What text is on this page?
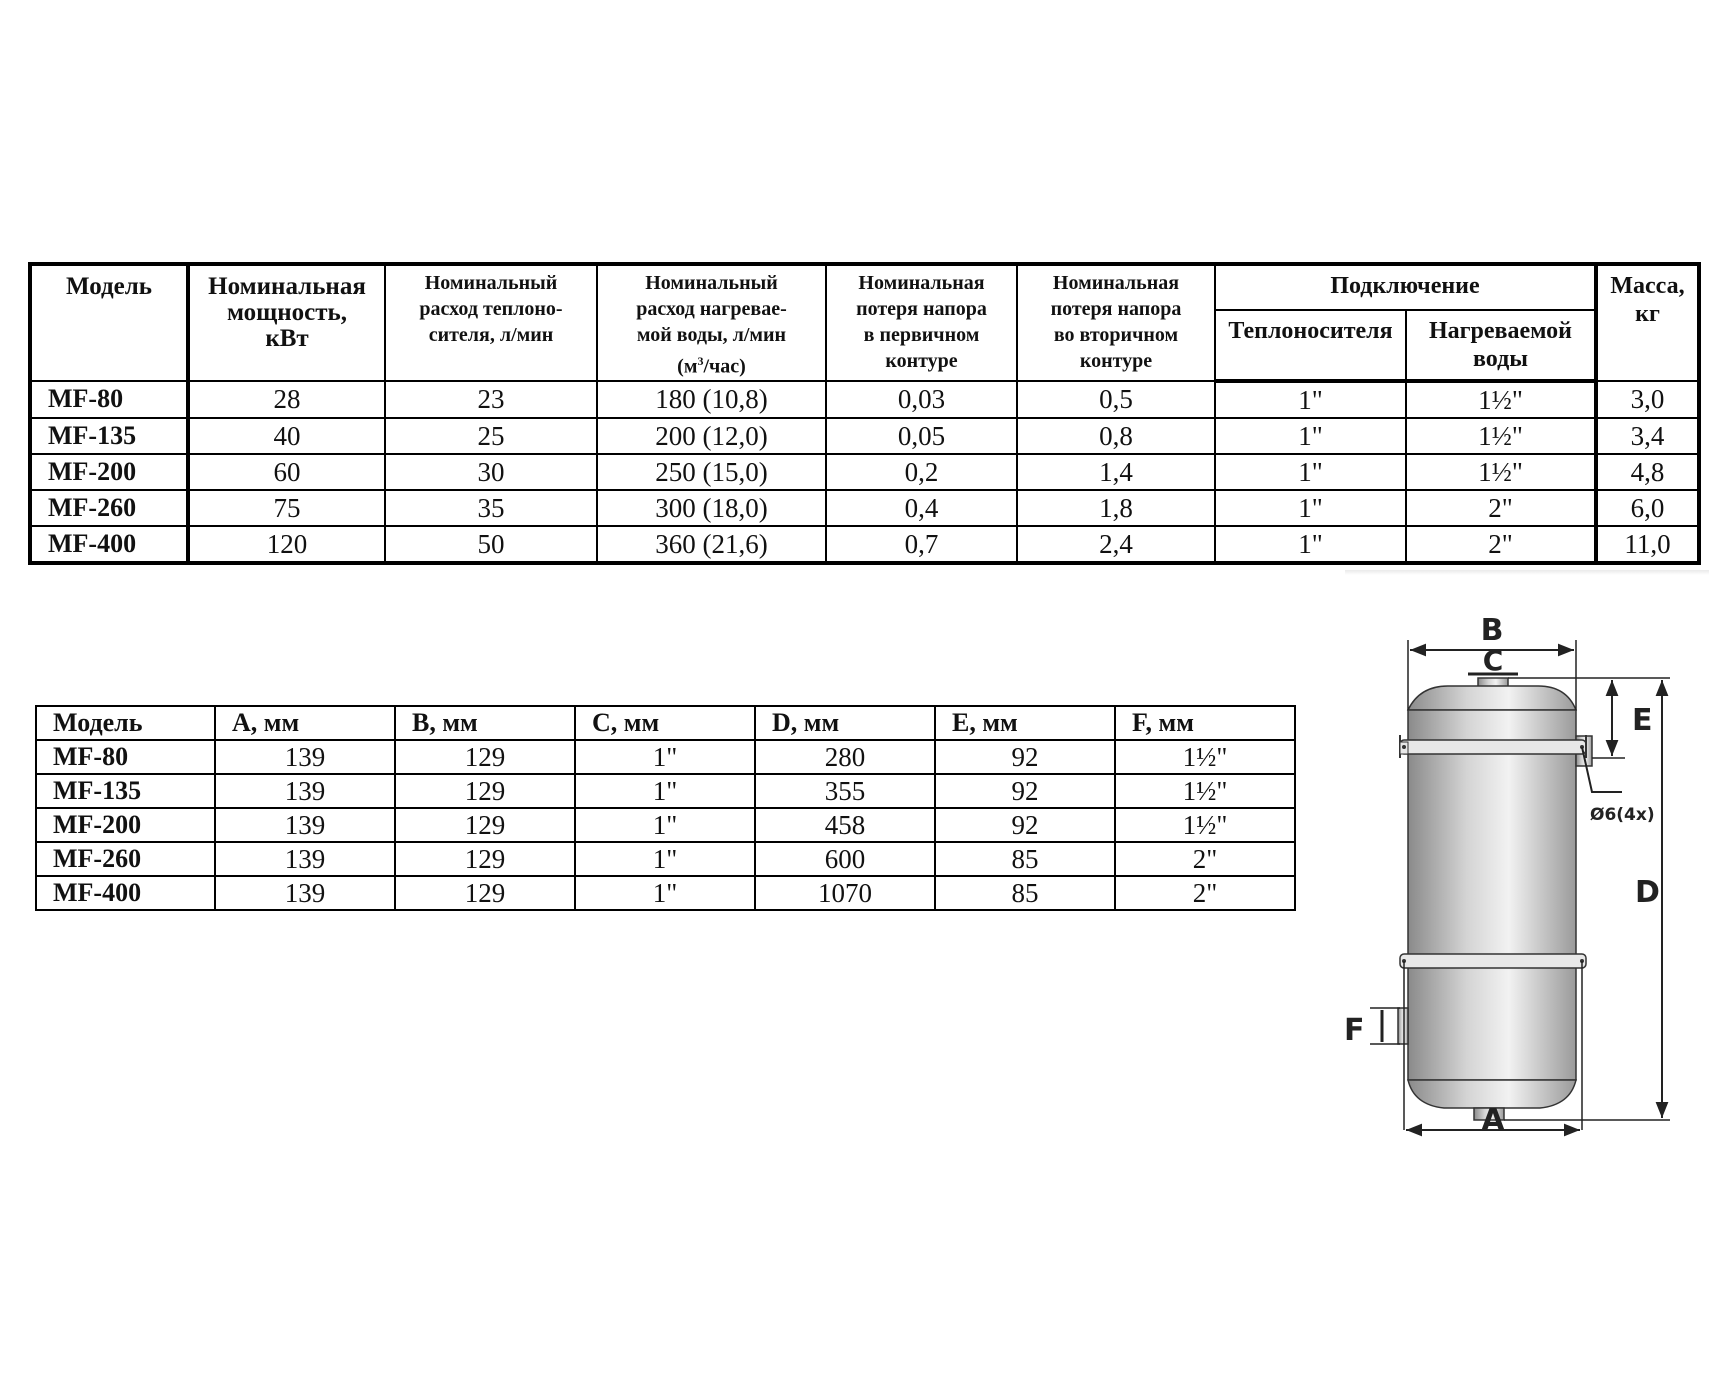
Модель	Номинальная
мощность,
кВт	Номинальный
расход теплоно-
сителя, л/мин	Номинальный
расход нагревае-
мой воды, л/мин
$(м^3/час)$	Номинальная
потеря напора
в первичном
контуре	Номинальная
потеря напора
во вторичном
контуре	Подключение		Масса,
кг
						Теплоносителя	Нагреваемой
воды	
MF-80	28	23	180 (10,8)	0,03	0,5	1"	1½"	3,0
MF-135	40	25	200 (12,0)	0,05	0,8	1"	1½"	3,4
MF-200	60	30	250 (15,0)	0,2	1,4	1"	1½"	4,8
MF-260	75	35	300 (18,0)	0,4	1,8	1"	2"	6,0
MF-400	120	50	360 (21,6)	0,7	2,4	1"	2"	11,0
Модель	A, мм	B, мм	C, мм	D, мм	E, мм	F, мм
MF-80	139	129	1"	280	92	1½"
MF-135	139	129	1"	355	92	1½"
MF-200	139	129	1"	458	92	1½"
MF-260	139	129	1"	600	85	2"
MF-400	139	129	1"	1070	85	2"
B
C
E
D
Ø6(4x)
F
A
